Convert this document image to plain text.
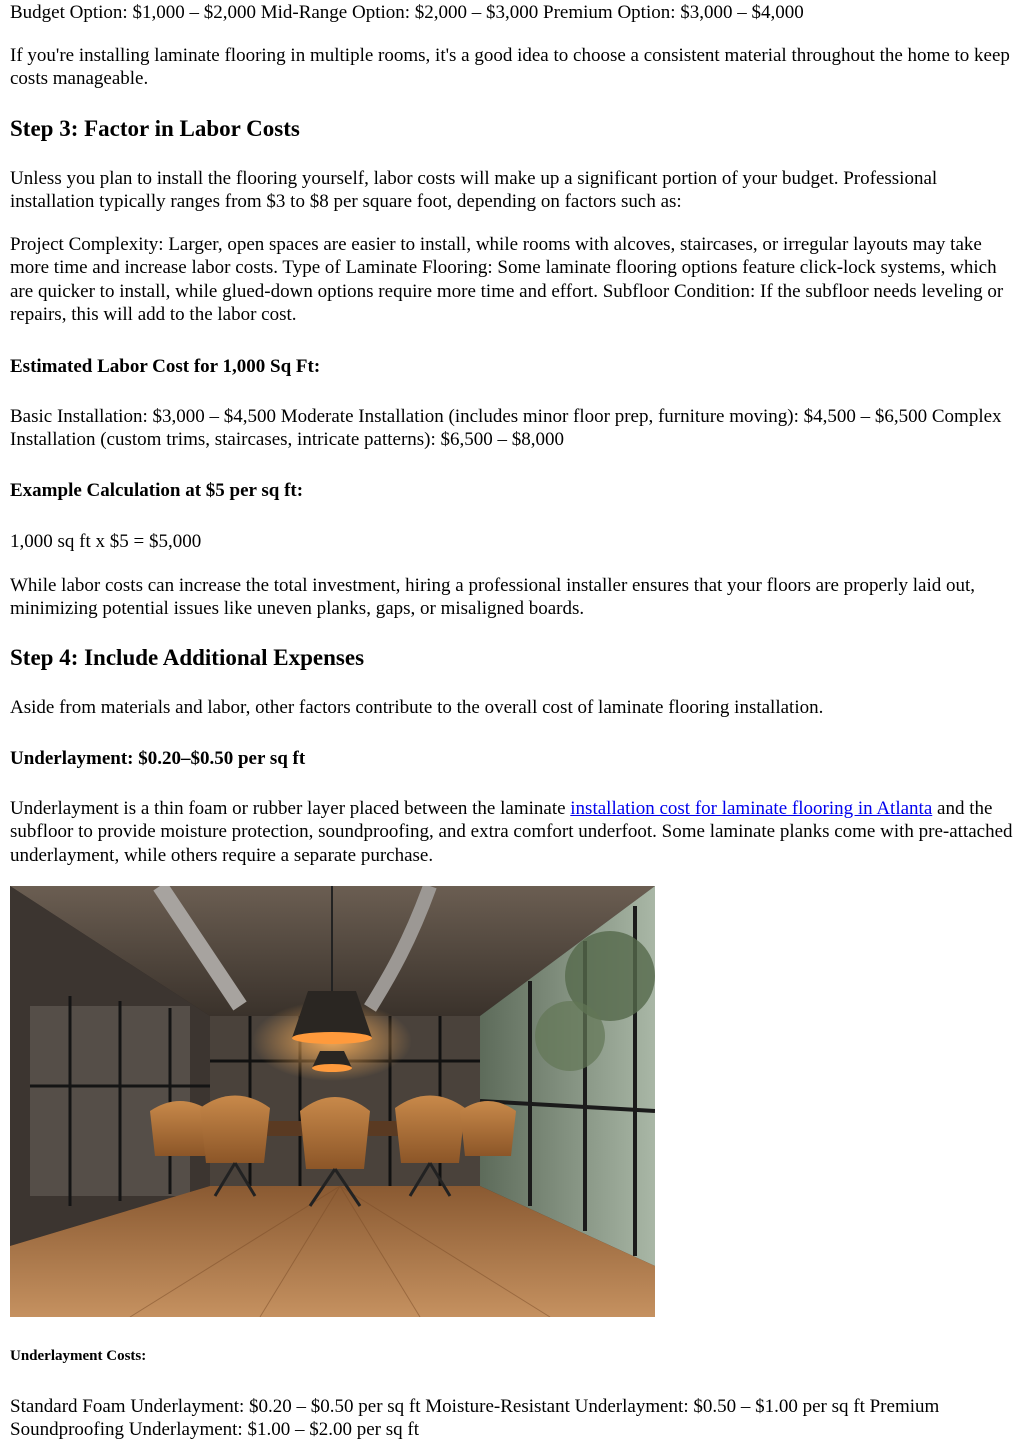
Budget Option: $1,000 – $2,000 Mid-Range Option: $2,000 – $3,000 Premium Option: $3,000 – $4,000

If you're installing laminate flooring in multiple rooms, it's a good idea to choose a consistent material throughout the home to keep costs manageable.

Step 3: Factor in Labor Costs

Unless you plan to install the flooring yourself, labor costs will make up a significant portion of your budget. Professional installation typically ranges from $3 to $8 per square foot, depending on factors such as:

Project Complexity: Larger, open spaces are easier to install, while rooms with alcoves, staircases, or irregular layouts may take more time and increase labor costs. Type of Laminate Flooring: Some laminate flooring options feature click-lock systems, which are quicker to install, while glued-down options require more time and effort. Subfloor Condition: If the subfloor needs leveling or repairs, this will add to the labor cost.

Estimated Labor Cost for 1,000 Sq Ft:

Basic Installation: $3,000 – $4,500 Moderate Installation (includes minor floor prep, furniture moving): $4,500 – $6,500 Complex Installation (custom trims, staircases, intricate patterns): $6,500 – $8,000

Example Calculation at $5 per sq ft:

1,000 sq ft x $5 = $5,000

While labor costs can increase the total investment, hiring a professional installer ensures that your floors are properly laid out, minimizing potential issues like uneven planks, gaps, or misaligned boards.

Step 4: Include Additional Expenses

Aside from materials and labor, other factors contribute to the overall cost of laminate flooring installation.

Underlayment: $0.20–$0.50 per sq ft

Underlayment is a thin foam or rubber layer placed between the laminate installation cost for laminate flooring in Atlanta and the subfloor to provide moisture protection, soundproofing, and extra comfort underfoot. Some laminate planks come with pre-attached underlayment, while others require a separate purchase.

Underlayment Costs:

Standard Foam Underlayment: $0.20 – $0.50 per sq ft Moisture-Resistant Underlayment: $0.50 – $1.00 per sq ft Premium Soundproofing Underlayment: $1.00 – $2.00 per sq ft
